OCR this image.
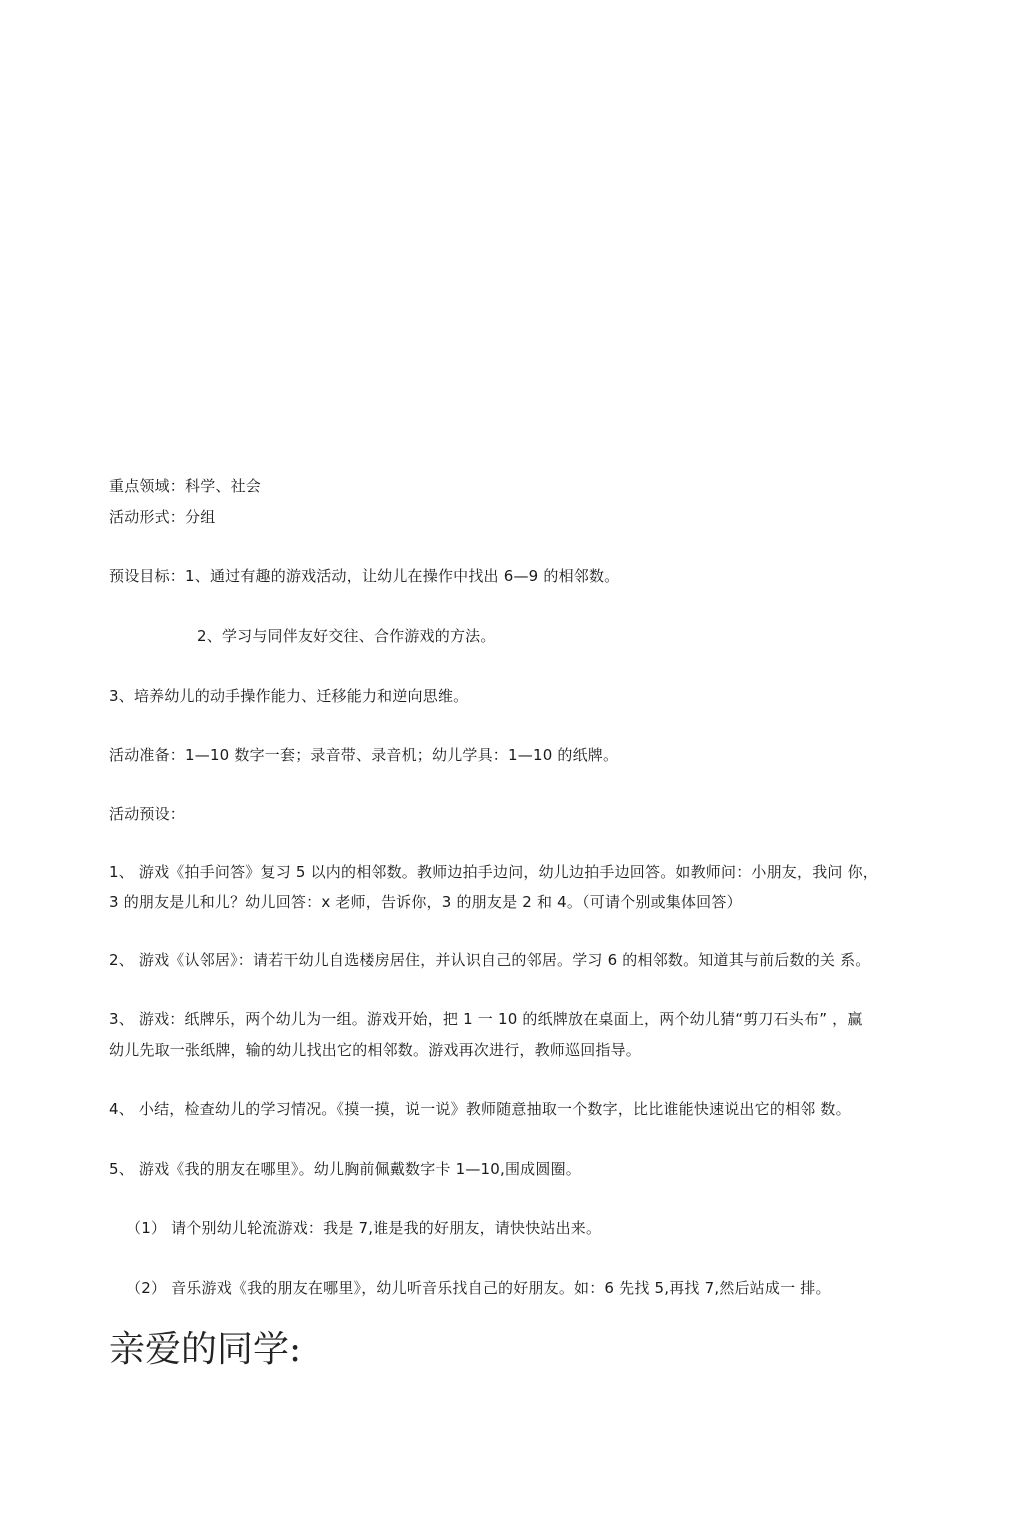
重点领域：科学、社会
活动形式：分组
预设目标：1、通过有趣的游戏活动，让幼儿在操作中找出 6—9 的相邻数。
2、学习与同伴友好交往、合作游戏的方法。
3、培养幼儿的动手操作能力、迁移能力和逆向思维。
活动准备：1—10 数字一套；录音带、录音机；幼儿学具：1—10 的纸牌。
活动预设：
1、 游戏《拍手问答》复习 5 以内的相邻数。教师边拍手边问，幼儿边拍手边回答。如教师问：小朋友，我问 你，
3 的朋友是儿和儿？幼儿回答：x 老师，告诉你，3 的朋友是 2 和 4。（可请个别或集体回答）
2、 游戏《认邻居》：请若干幼儿自选楼房居住，并认识自己的邻居。学习 6 的相邻数。知道其与前后数的关 系。
3、 游戏：纸牌乐，两个幼儿为一组。游戏开始，把 1 一 10 的纸牌放在桌面上，两个幼儿猜“剪刀石头布” ，赢
幼儿先取一张纸牌，输的幼儿找出它的相邻数。游戏再次进行，教师巡回指导。
4、 小结，检查幼儿的学习情况。《摸一摸，说一说》教师随意抽取一个数字，比比谁能快速说出它的相邻 数。
5、 游戏《我的朋友在哪里》。幼儿胸前佩戴数字卡 1—10,围成圆圈。
（1） 请个别幼儿轮流游戏：我是 7,谁是我的好朋友，请快快站出来。
（2） 音乐游戏《我的朋友在哪里》，幼儿听音乐找自己的好朋友。如：6 先找 5,再找 7,然后站成一 排。
亲爱的同学:
